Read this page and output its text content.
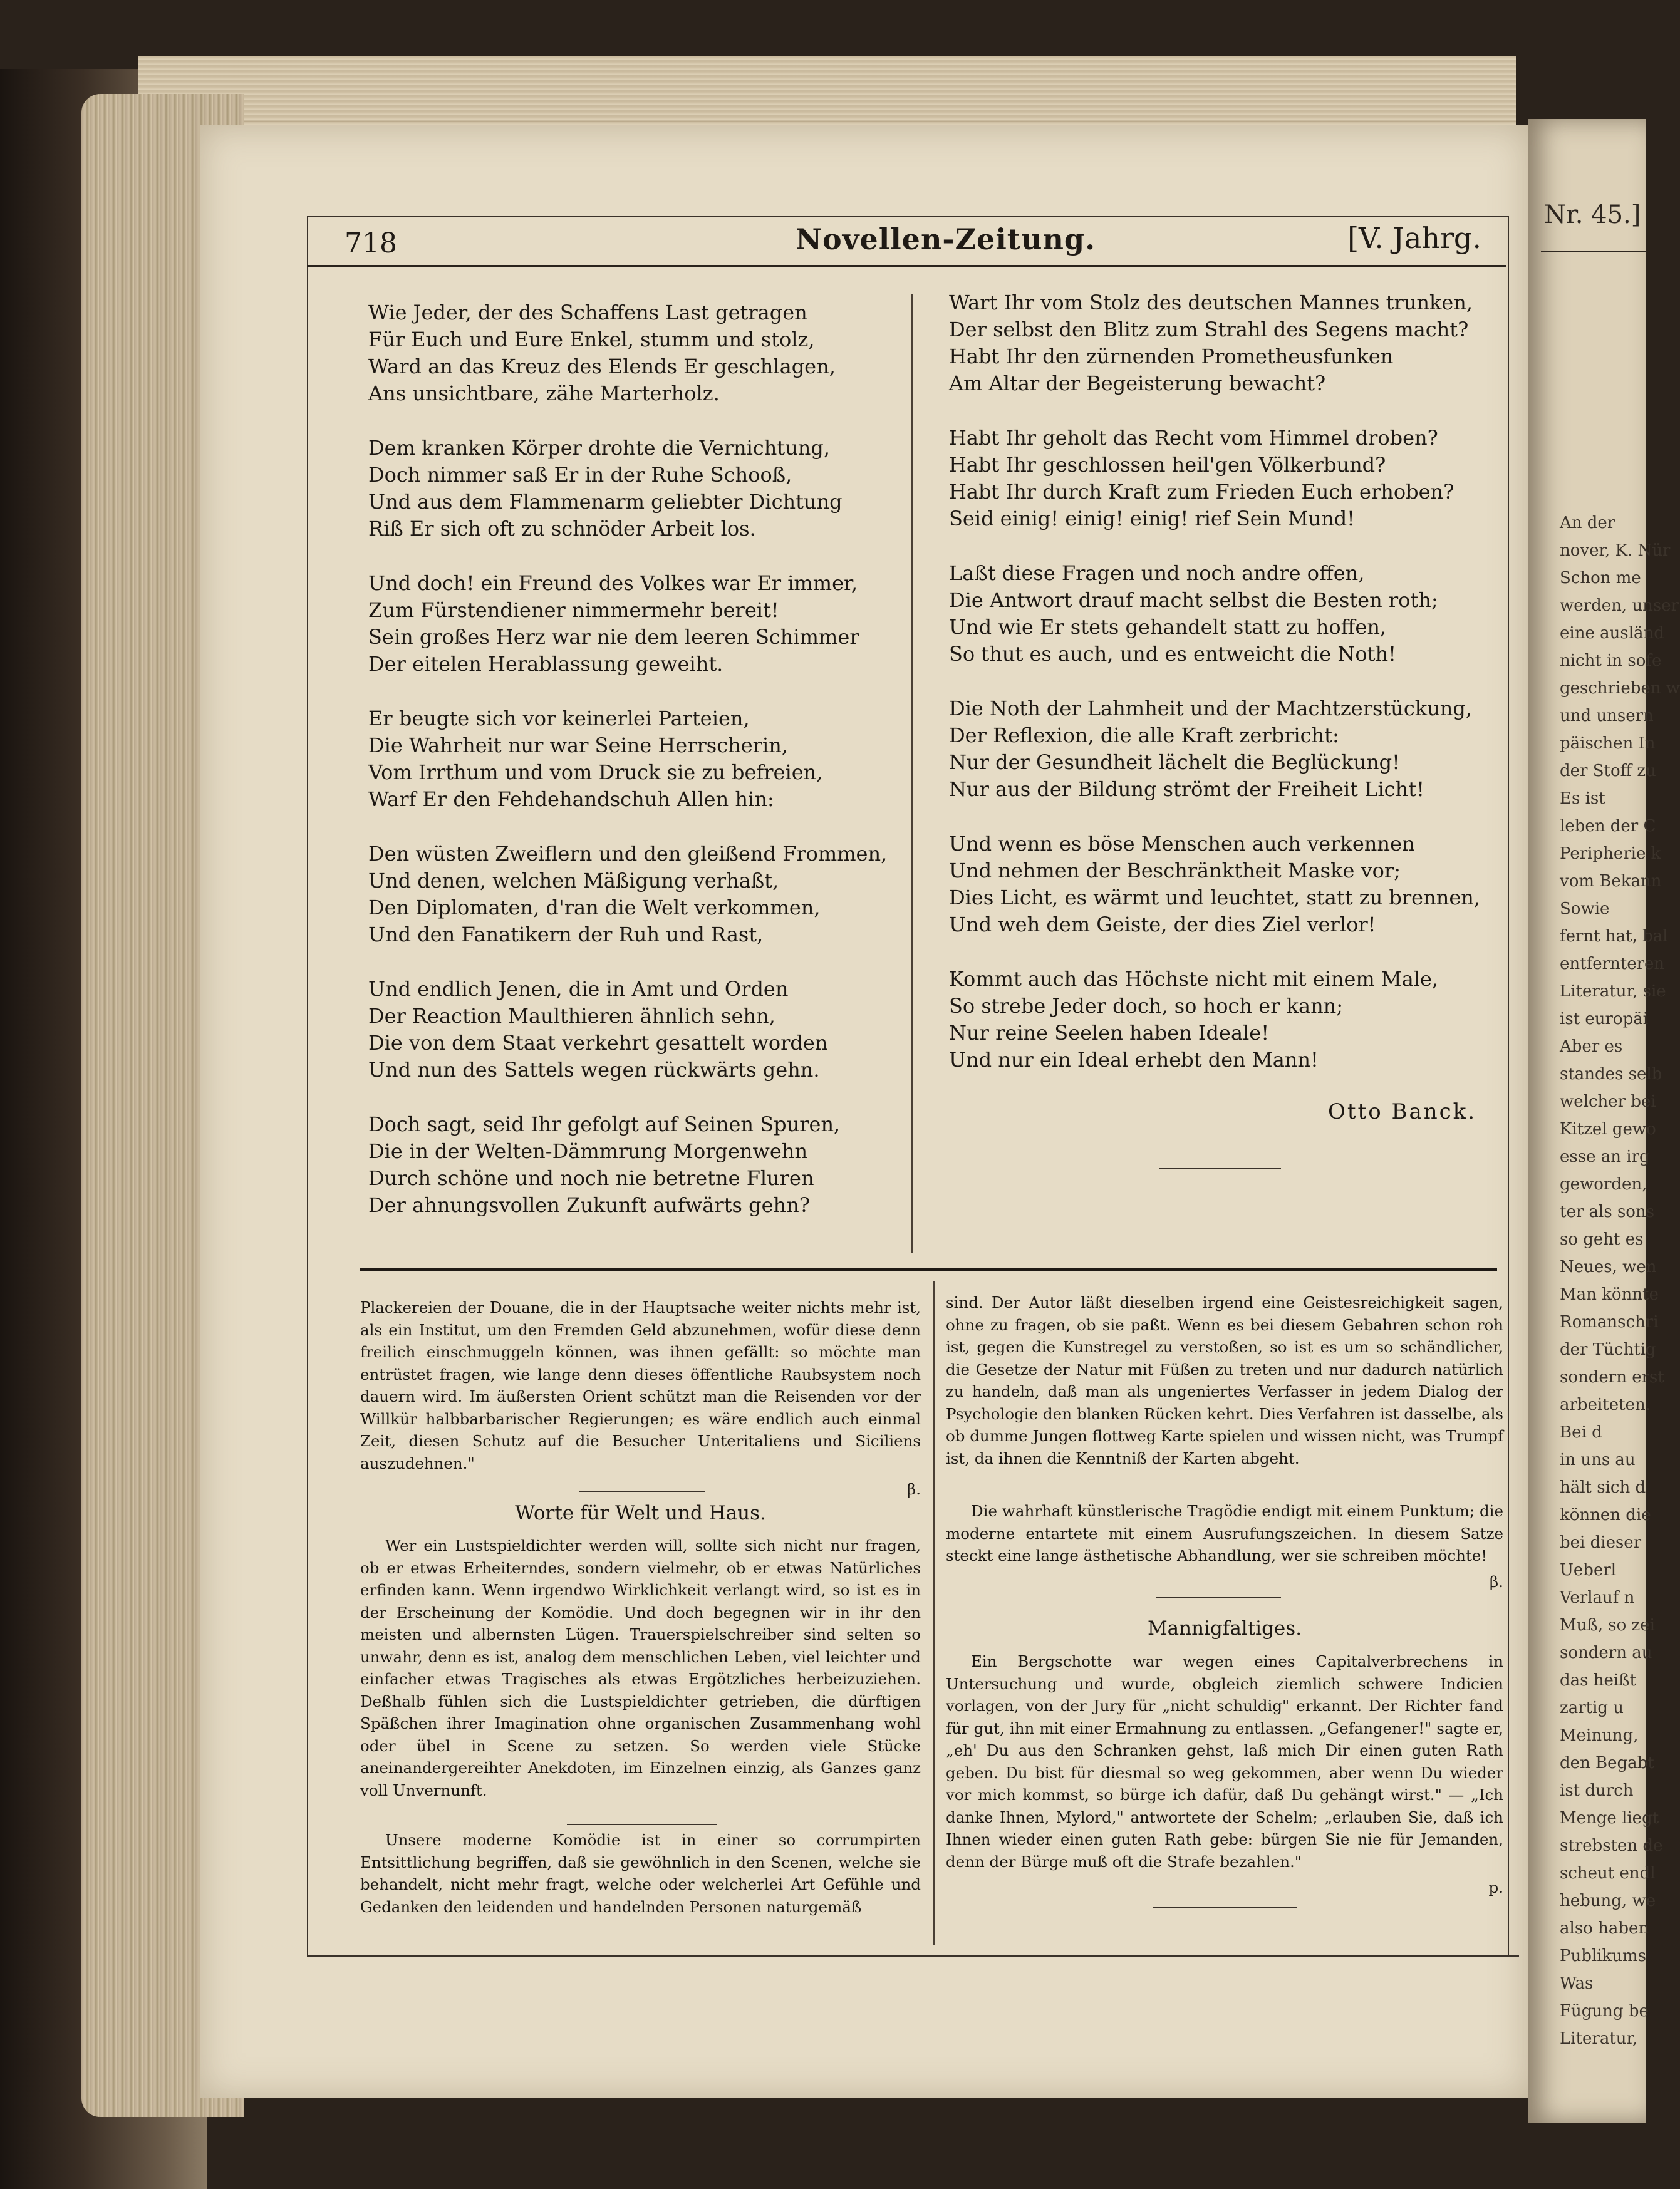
Nr. 45.]
An der
nover, K. Nür
Schon me
werden, unser
eine ausländ
nicht in sofe
geschrieben w
und unsern
päischen In
der Stoff zu
Es ist
leben der C
Peripherie k
vom Bekann
Sowie
fernt hat, bal
entfernteren
Literatur, sie
ist europäi
Aber es
standes selb
welcher bei
Kitzel gewo
esse an irg
geworden,
ter als sons
so geht es
Neues, wen
Man könnte
Romanschri
der Tüchtig
sondern erst
arbeiteten.
Bei d
in uns au
hält sich d
können die
bei dieser
Ueberl
Verlauf n
Muß, so zei
sondern au
das heißt
zartig u
Meinung,
den Begabt
ist durch
Menge liegt
strebsten de
scheut endl
hebung, we
also haben
Publikums
Was
Fügung be
Literatur,
718	Novellen-Zeitung.	[V. Jahrg.
Wie Jeder, der des Schaffens Last getragen
Für Euch und Eure Enkel, stumm und stolz,
Ward an das Kreuz des Elends Er geschlagen,
Ans unsichtbare, zähe Marterholz.
Dem kranken Körper drohte die Vernichtung,
Doch nimmer saß Er in der Ruhe Schooß,
Und aus dem Flammenarm geliebter Dichtung
Riß Er sich oft zu schnöder Arbeit los.
Und doch! ein Freund des Volkes war Er immer,
Zum Fürstendiener nimmermehr bereit!
Sein großes Herz war nie dem leeren Schimmer
Der eitelen Herablassung geweiht.
Er beugte sich vor keinerlei Parteien,
Die Wahrheit nur war Seine Herrscherin,
Vom Irrthum und vom Druck sie zu befreien,
Warf Er den Fehdehandschuh Allen hin:
Den wüsten Zweiflern und den gleißend Frommen,
Und denen, welchen Mäßigung verhaßt,
Den Diplomaten, d'ran die Welt verkommen,
Und den Fanatikern der Ruh und Rast,
Und endlich Jenen, die in Amt und Orden
Der Reaction Maulthieren ähnlich sehn,
Die von dem Staat verkehrt gesattelt worden
Und nun des Sattels wegen rückwärts gehn.
Doch sagt, seid Ihr gefolgt auf Seinen Spuren,
Die in der Welten-Dämmrung Morgenwehn
Durch schöne und noch nie betretne Fluren
Der ahnungsvollen Zukunft aufwärts gehn?
Wart Ihr vom Stolz des deutschen Mannes trunken,
Der selbst den Blitz zum Strahl des Segens macht?
Habt Ihr den zürnenden Prometheusfunken
Am Altar der Begeisterung bewacht?
Habt Ihr geholt das Recht vom Himmel droben?
Habt Ihr geschlossen heil'gen Völkerbund?
Habt Ihr durch Kraft zum Frieden Euch erhoben?
Seid einig! einig! einig! rief Sein Mund!
Laßt diese Fragen und noch andre offen,
Die Antwort drauf macht selbst die Besten roth;
Und wie Er stets gehandelt statt zu hoffen,
So thut es auch, und es entweicht die Noth!
Die Noth der Lahmheit und der Machtzerstückung,
Der Reflexion, die alle Kraft zerbricht:
Nur der Gesundheit lächelt die Beglückung!
Nur aus der Bildung strömt der Freiheit Licht!
Und wenn es böse Menschen auch verkennen
Und nehmen der Beschränktheit Maske vor;
Dies Licht, es wärmt und leuchtet, statt zu brennen,
Und weh dem Geiste, der dies Ziel verlor!
Kommt auch das Höchste nicht mit einem Male,
So strebe Jeder doch, so hoch er kann;
Nur reine Seelen haben Ideale!
Und nur ein Ideal erhebt den Mann!
Otto Banck.

Plackereien der Douane, die in der Hauptsache weiter nichts mehr ist, als ein Institut, um den Fremden Geld abzunehmen, wofür diese denn freilich einschmuggeln können, was ihnen gefällt: so möchte man entrüstet fragen, wie lange denn dieses öffentliche Raubsystem noch dauern wird. Im äußersten Orient schützt man die Reisenden vor der Willkür halbbarbarischer Regierungen; es wäre endlich auch einmal Zeit, diesen Schutz auf die Besucher Unteritaliens und Siciliens auszudehnen."

β.

Worte für Welt und Haus.

Wer ein Lustspieldichter werden will, sollte sich nicht nur fragen, ob er etwas Erheiterndes, sondern vielmehr, ob er etwas Natürliches erfinden kann. Wenn irgendwo Wirklichkeit verlangt wird, so ist es in der Erscheinung der Komödie. Und doch begegnen wir in ihr den meisten und albernsten Lügen. Trauerspielschreiber sind selten so unwahr, denn es ist, analog dem menschlichen Leben, viel leichter und einfacher etwas Tragisches als etwas Ergötzliches herbeizuziehen. Deßhalb fühlen sich die Lustspieldichter getrieben, die dürftigen Späßchen ihrer Imagination ohne organischen Zusammenhang wohl oder übel in Scene zu setzen. So werden viele Stücke aneinandergereihter Anekdoten, im Einzelnen einzig, als Ganzes ganz voll Unvernunft.

Unsere moderne Komödie ist in einer so corrumpirten Entsittlichung begriffen, daß sie gewöhnlich in den Scenen, welche sie behandelt, nicht mehr fragt, welche oder welcherlei Art Gefühle und Gedanken den leidenden und handelnden Personen naturgemäß

sind. Der Autor läßt dieselben irgend eine Geistesreichigkeit sagen, ohne zu fragen, ob sie paßt. Wenn es bei diesem Gebahren schon roh ist, gegen die Kunstregel zu verstoßen, so ist es um so schändlicher, die Gesetze der Natur mit Füßen zu treten und nur dadurch natürlich zu handeln, daß man als ungeniertes Verfasser in jedem Dialog der Psychologie den blanken Rücken kehrt. Dies Verfahren ist dasselbe, als ob dumme Jungen flottweg Karte spielen und wissen nicht, was Trumpf ist, da ihnen die Kenntniß der Karten abgeht.

Die wahrhaft künstlerische Tragödie endigt mit einem Punktum; die moderne entartete mit einem Ausrufungszeichen. In diesem Satze steckt eine lange ästhetische Abhandlung, wer sie schreiben möchte!

β.

Mannigfaltiges.

Ein Bergschotte war wegen eines Capitalverbrechens in Untersuchung und wurde, obgleich ziemlich schwere Indicien vorlagen, von der Jury für „nicht schuldig" erkannt. Der Richter fand für gut, ihn mit einer Ermahnung zu entlassen. „Gefangener!" sagte er, „eh' Du aus den Schranken gehst, laß mich Dir einen guten Rath geben. Du bist für diesmal so weg gekommen, aber wenn Du wieder vor mich kommst, so bürge ich dafür, daß Du gehängt wirst." — „Ich danke Ihnen, Mylord," antwortete der Schelm; „erlauben Sie, daß ich Ihnen wieder einen guten Rath gebe: bürgen Sie nie für Jemanden, denn der Bürge muß oft die Strafe bezahlen."

p.
